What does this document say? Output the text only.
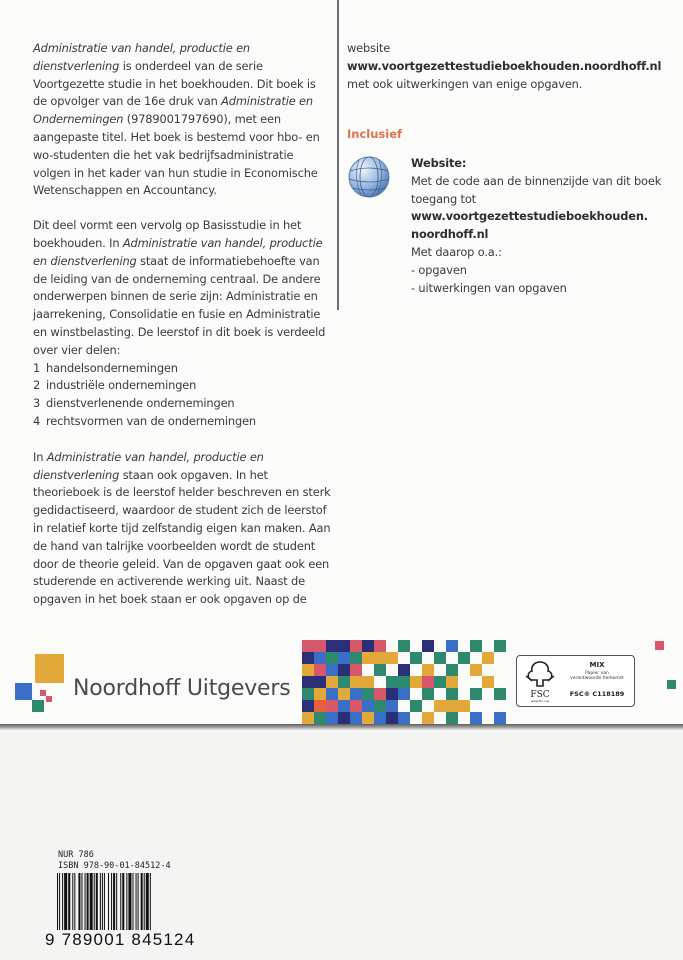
Administratie van handel, productie en dienstverlening is onderdeel van de serie Voortgezette studie in het boekhouden. Dit boek is de opvolger van de 16e druk van Administratie en Ondernemingen (9789001797690), met een aangepaste titel. Het boek is bestemd voor hbo- en wo-studenten die het vak bedrijfsadministratie volgen in het kader van hun studie in Economische Wetenschappen en Accountancy.

Dit deel vormt een vervolg op Basisstudie in het boekhouden. In Administratie van handel, productie en dienstverlening staat de informatiebehoefte van de leiding van de onderneming centraal. De andere onderwerpen binnen de serie zijn: Administratie en jaarrekening, Consolidatie en fusie en Administratie en winstbelasting. De leerstof in dit boek is verdeeld over vier delen:

1 handelsondernemingen
2 industriële ondernemingen
3 dienstverlenende ondernemingen
4 rechtsvormen van de ondernemingen

In Administratie van handel, productie en dienstverlening staan ook opgaven. In het theorieboek is de leerstof helder beschreven en sterk gedidactiseerd, waardoor de student zich de leerstof in relatief korte tijd zelfstandig eigen kan maken. Aan de hand van talrijke voorbeelden wordt de student door de theorie geleid. Van de opgaven gaat ook een studerende en activerende werking uit. Naast de opgaven in het boek staan er ook opgaven op de

website www.voortgezettestudieboekhouden.noordhoff.nl met ook uitwerkingen van enige opgaven.
Inclusief
Website:
Met de code aan de binnenzijde van dit boek toegang tot
www.voortgezettestudieboekhouden.
noordhoff.nl
Met daarop o.a.:
- opgaven
- uitwerkingen van opgaven
Noordhoff Uitgevers	FSC
www.fsc.org
MIX
Papier van
verantwoorde herkomst
FSC® C118189
NUR 786
ISBN 978-90-01-84512-4
9 789001 845124
